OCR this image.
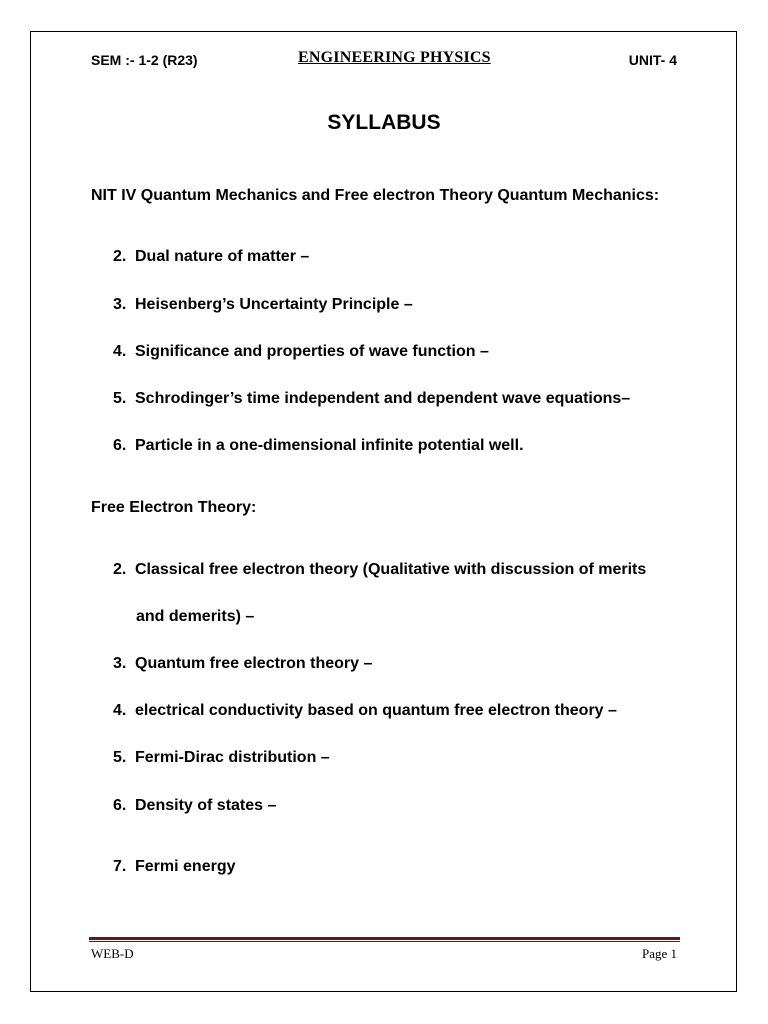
SEM :- 1-2 (R23)	ENGINEERING PHYSICS	UNIT- 4
SYLLABUS
NIT IV Quantum Mechanics and Free electron Theory Quantum Mechanics:
2. Dual nature of matter –
3. Heisenberg’s Uncertainty Principle –
4. Significance and properties of wave function –
5. Schrodinger’s time independent and dependent wave equations–
6. Particle in a one-dimensional infinite potential well.
Free Electron Theory:
2. Classical free electron theory (Qualitative with discussion of merits
and demerits) –
3. Quantum free electron theory –
4. electrical conductivity based on quantum free electron theory –
5. Fermi-Dirac distribution –
6. Density of states –
7. Fermi energy
WEB-D	Page 1
